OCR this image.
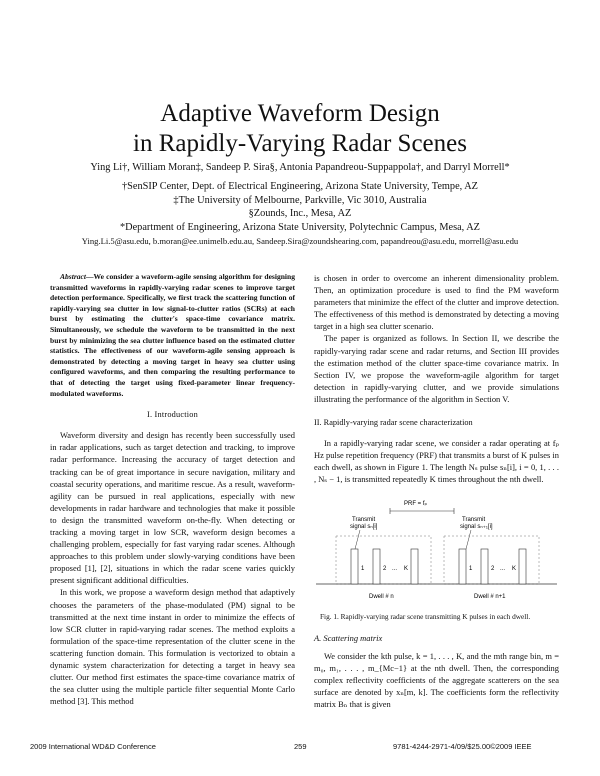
Adaptive Waveform Design
in Rapidly-Varying Radar Scenes
Ying Li†, William Moran‡, Sandeep P. Sira§, Antonia Papandreou-Suppappola†, and Darryl Morrell*
†SenSIP Center, Dept. of Electrical Engineering, Arizona State University, Tempe, AZ
‡The University of Melbourne, Parkville, Vic 3010, Australia
§Zounds, Inc., Mesa, AZ
*Department of Engineering, Arizona State University, Polytechnic Campus, Mesa, AZ
Ying.Li.5@asu.edu, b.moran@ee.unimelb.edu.au, Sandeep.Sira@zoundshearing.com, papandreou@asu.edu, morrell@asu.edu

Abstract—We consider a waveform-agile sensing algorithm for designing transmitted waveforms in rapidly-varying radar scenes to improve target detection performance. Specifically, we first track the scattering function of rapidly-varying sea clutter in low signal-to-clutter ratios (SCRs) at each burst by estimating the clutter's space-time covariance matrix. Simultaneously, we schedule the waveform to be transmitted in the next burst by minimizing the sea clutter influence based on the estimated clutter statistics. The effectiveness of our waveform-agile sensing approach is demonstrated by detecting a moving target in heavy sea clutter using configured waveforms, and then comparing the resulting performance to that of detecting the target using fixed-parameter linear frequency-modulated waveforms.

I. Introduction

Waveform diversity and design has recently been successfully used in radar applications, such as target detection and tracking, to improve radar performance. Increasing the accuracy of target detection and tracking can be of great importance in secure navigation, military and coastal security operations, and maritime rescue. As a result, waveform-agility can be pursued in real applications, especially with new developments in radar hardware and technologies that make it possible to design the transmitted waveform on-the-fly. When detecting or tracking a moving target in low SCR, waveform design becomes a challenging problem, especially for fast varying radar scenes. Although approaches to this problem under slowly-varying conditions have been proposed [1], [2], situations in which the radar scene varies quickly present significant additional difficulties.

In this work, we propose a waveform design method that adaptively chooses the parameters of the phase-modulated (PM) signal to be transmitted at the next time instant in order to minimize the effects of low SCR clutter in rapid-varying radar scenes. The method exploits a formulation of the space-time representation of the clutter scene in the scattering function domain. This formulation is vectorized to obtain a dynamic system characterization for detecting a target in heavy sea clutter. Our method first estimates the space-time covariance matrix of the sea clutter using the multiple particle filter sequential Monte Carlo method [3]. This method

is chosen in order to overcome an inherent dimensionality problem. Then, an optimization procedure is used to find the PM waveform parameters that minimize the effect of the clutter and improve detection. The effectiveness of this method is demonstrated by detecting a moving target in a high sea clutter scenario.

The paper is organized as follows. In Section II, we describe the rapidly-varying radar scene and radar returns, and Section III provides the estimation method of the clutter space-time covariance matrix. In Section IV, we propose the waveform-agile algorithm for target detection in rapidly-varying clutter, and we provide simulations illustrating the performance of the algorithm in Section V.

II. Rapidly-varying radar scene characterization

In a rapidly-varying radar scene, we consider a radar operating at fₚ Hz pulse repetition frequency (PRF) that transmits a burst of K pulses in each dwell, as shown in Figure 1. The length Nₛ pulse sₙ[i], i = 0, 1, . . . , Nₛ − 1, is transmitted repeatedly K times throughout the nth dwell.

PRF = fₚ
Transmit
signal sₙ[i]
Transmit
signal sₙ₊₁[i]
1	2 ... K	1	2 ... K
Dwell # n	Dwell # n+1
Fig. 1. Rapidly-varying radar scene transmitting K pulses in each dwell.
A. Scattering matrix

We consider the kth pulse, k = 1, . . . , K, and the mth range bin, m = m₀, m₁, . . . , m_{Mc−1} at the nth dwell. Then, the corresponding complex reflectivity coefficients of the aggregate scatterers on the sea surface are denoted by xₙ[m, k]. The coefficients form the reflectivity matrix Bₙ that is given

2009 International WD&D Conference	259	9781-4244-2971-4/09/$25.00©2009 IEEE
